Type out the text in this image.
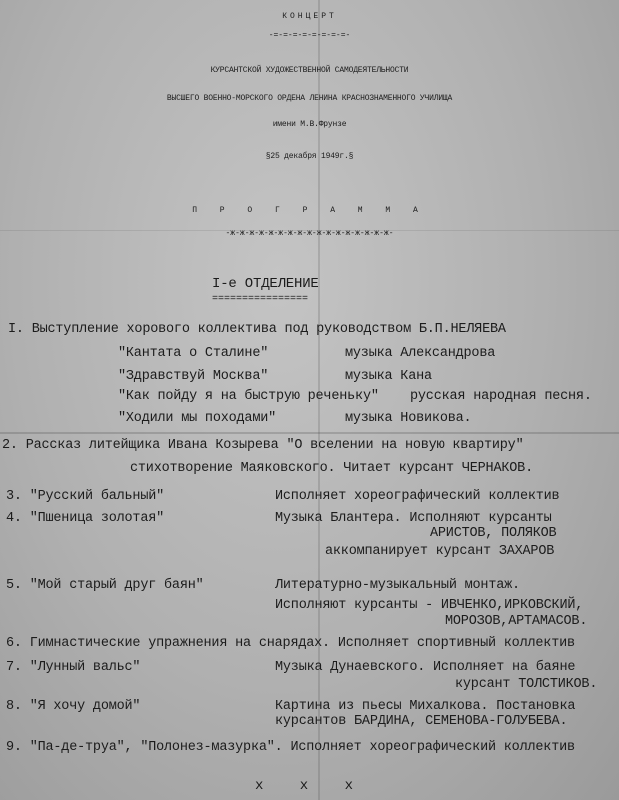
КОНЦЕРТ
-=-=-=-=-=-=-=-=-
КУРСАНТСКОЙ ХУДОЖЕСТВЕННОЙ САМОДЕЯТЕЛЬНОСТИ
ВЫСШЕГО ВОЕННО-МОРСКОГО ОРДЕНА ЛЕНИНА КРАСНОЗНАМЕННОГО УЧИЛИЩА
имени М.В.Фрунзе
§25 декабря 1949г.§
П Р О Г Р А М М А
-ж-ж-ж-ж-ж-ж-ж-ж-ж-ж-ж-ж-ж-ж-ж-ж-ж-
I-е ОТДЕЛЕНИЕ
================
I. Выступление хорового коллектива под руководством Б.П.НЕЛЯЕВА
"Кантата о Сталине"	музыка Александрова
"Здравствуй Москва"	музыка Кана
"Как пойду я на быструю реченьку" русская народная песня.
"Ходили мы походами"	музыка Новикова.
2. Рассказ литейщика Ивана Козырева "О вселении на новую квартиру"
стихотворение Маяковского. Читает курсант ЧЕРНАКОВ.
3. "Русский бальный"	Исполняет хореографический коллектив
4. "Пшеница золотая"	Музыка Блантера. Исполняют курсанты
АРИСТОВ, ПОЛЯКОВ
аккомпанирует курсант ЗАХАРОВ
5. "Мой старый друг баян"	Литературно-музыкальный монтаж.
Исполняют курсанты - ИВЧЕНКО,ИРКОВСКИЙ,
МОРОЗОВ,АРТАМАСОВ.
6. Гимнастические упражнения на снарядах. Исполняет спортивный коллектив
7. "Лунный вальс"	Музыка Дунаевского. Исполняет на баяне
курсант ТОЛСТИКОВ.
8. "Я хочу домой"	Картина из пьесы Михалкова. Постановка
курсантов БАРДИНА, СЕМЕНОВА-ГОЛУБЕВА.
9. "Па-де-труа", "Полонез-мазурка". Исполняет хореографический коллектив
x x x
